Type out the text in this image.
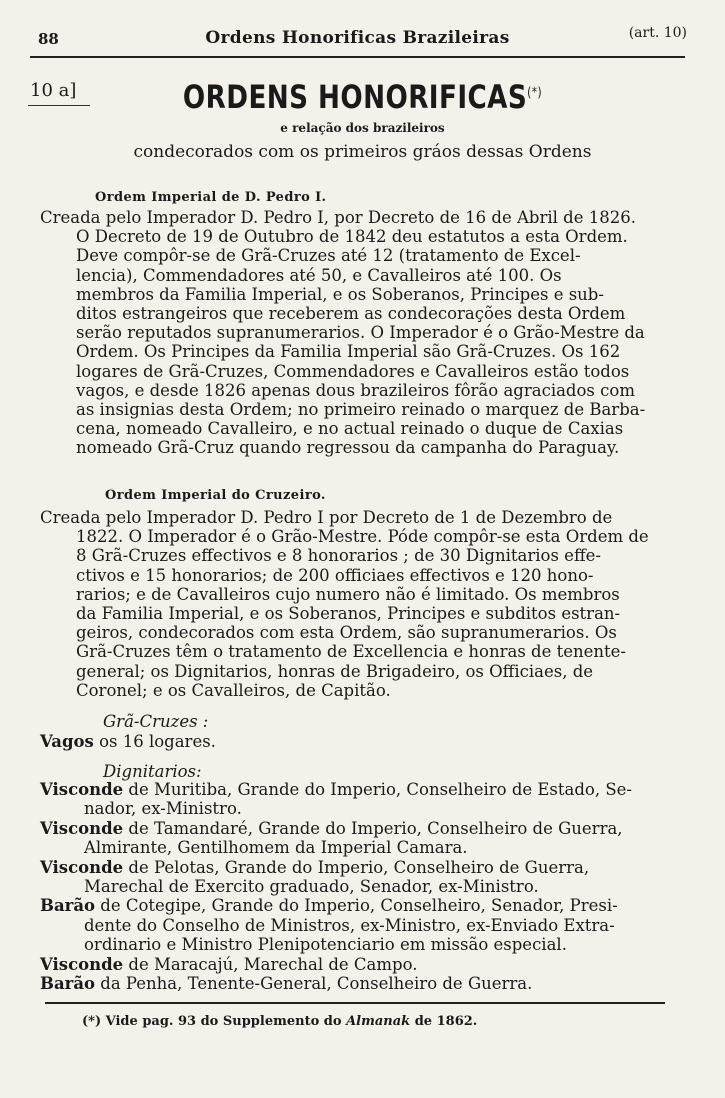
88	Ordens Honorificas Brazileiras	(art. 10)
10 a]	ORDENS HONORIFICAS(*)
e relação dos brazileiros
condecorados com os primeiros gráos dessas Ordens
Ordem Imperial de D. Pedro I.
Creada pelo Imperador D. Pedro I, por Decreto de 16 de Abril de 1826.
O Decreto de 19 de Outubro de 1842 deu estatutos a esta Ordem.
Deve compôr-se de Grã-Cruzes até 12 (tratamento de Excel-
lencia), Commendadores até 50, e Cavalleiros até 100. Os
membros da Familia Imperial, e os Soberanos, Principes e sub-
ditos estrangeiros que receberem as condecorações desta Ordem
serão reputados supranumerarios. O Imperador é o Grão-Mestre da
Ordem. Os Principes da Familia Imperial são Grã-Cruzes. Os 162
logares de Grã-Cruzes, Commendadores e Cavalleiros estão todos
vagos, e desde 1826 apenas dous brazileiros fôrão agraciados com
as insignias desta Ordem; no primeiro reinado o marquez de Barba-
cena, nomeado Cavalleiro, e no actual reinado o duque de Caxias
nomeado Grã-Cruz quando regressou da campanha do Paraguay.
Ordem Imperial do Cruzeiro.
Creada pelo Imperador D. Pedro I por Decreto de 1 de Dezembro de
1822. O Imperador é o Grão-Mestre. Póde compôr-se esta Ordem de
8 Grã-Cruzes effectivos e 8 honorarios ; de 30 Dignitarios effe-
ctivos e 15 honorarios; de 200 officiaes effectivos e 120 hono-
rarios; e de Cavalleiros cujo numero não é limitado. Os membros
da Familia Imperial, e os Soberanos, Principes e subditos estran-
geiros, condecorados com esta Ordem, são supranumerarios. Os
Grã-Cruzes têm o tratamento de Excellencia e honras de tenente-
general; os Dignitarios, honras de Brigadeiro, os Officiaes, de
Coronel; e os Cavalleiros, de Capitão.
Grã-Cruzes :
Vagos os 16 logares.
Dignitarios:
Visconde de Muritiba, Grande do Imperio, Conselheiro de Estado, Se-
nador, ex-Ministro.
Visconde de Tamandaré, Grande do Imperio, Conselheiro de Guerra,
Almirante, Gentilhomem da Imperial Camara.
Visconde de Pelotas, Grande do Imperio, Conselheiro de Guerra,
Marechal de Exercito graduado, Senador, ex-Ministro.
Barão de Cotegipe, Grande do Imperio, Conselheiro, Senador, Presi-
dente do Conselho de Ministros, ex-Ministro, ex-Enviado Extra-
ordinario e Ministro Plenipotenciario em missão especial.
Visconde de Maracajú, Marechal de Campo.
Barão da Penha, Tenente-General, Conselheiro de Guerra.
(*) Vide pag. 93 do Supplemento do Almanak de 1862.
